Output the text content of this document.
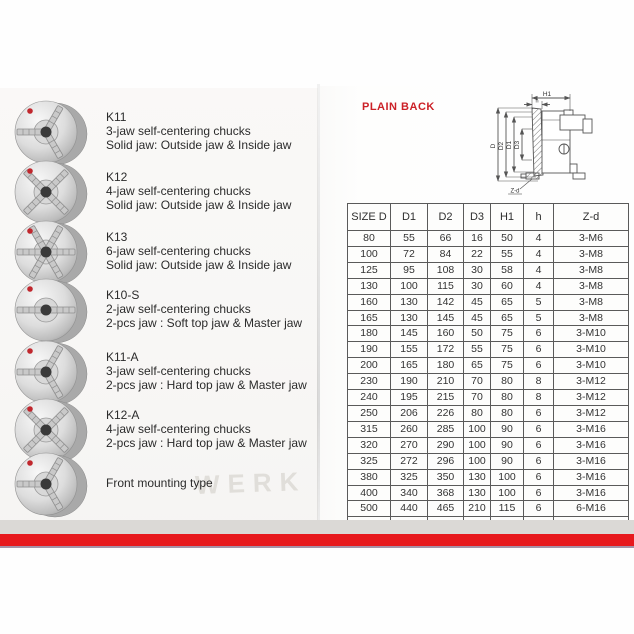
WERK
K11
3-jaw self-centering chucks
Solid jaw: Outside jaw & Inside jaw
K12
4-jaw self-centering chucks
Solid jaw: Outside jaw & Inside jaw
K13
6-jaw self-centering chucks
Solid jaw: Outside jaw & Inside jaw
K10-S
2-jaw self-centering chucks
2-pcs jaw : Soft top jaw & Master jaw
K11-A
3-jaw self-centering chucks
2-pcs jaw : Hard top jaw & Master jaw
K12-A
4-jaw self-centering chucks
2-pcs jaw : Hard top jaw & Master jaw
Front mounting type
PLAIN BACK
H1
h
D D2 D1 D3
Z-d
SIZE D	D1	D2	D3	H1	h	Z-d
80	55	66	16	50	4	3-M6
100	72	84	22	55	4	3-M8
125	95	108	30	58	4	3-M8
130	100	115	30	60	4	3-M8
160	130	142	45	65	5	3-M8
165	130	145	45	65	5	3-M8
180	145	160	50	75	6	3-M10
190	155	172	55	75	6	3-M10
200	165	180	65	75	6	3-M10
230	190	210	70	80	8	3-M12
240	195	215	70	80	8	3-M12
250	206	226	80	80	6	3-M12
315	260	285	100	90	6	3-M16
320	270	290	100	90	6	3-M16
325	272	296	100	90	6	3-M16
380	325	350	130	100	6	3-M16
400	340	368	130	100	6	3-M16
500	440	465	210	115	6	6-M16
